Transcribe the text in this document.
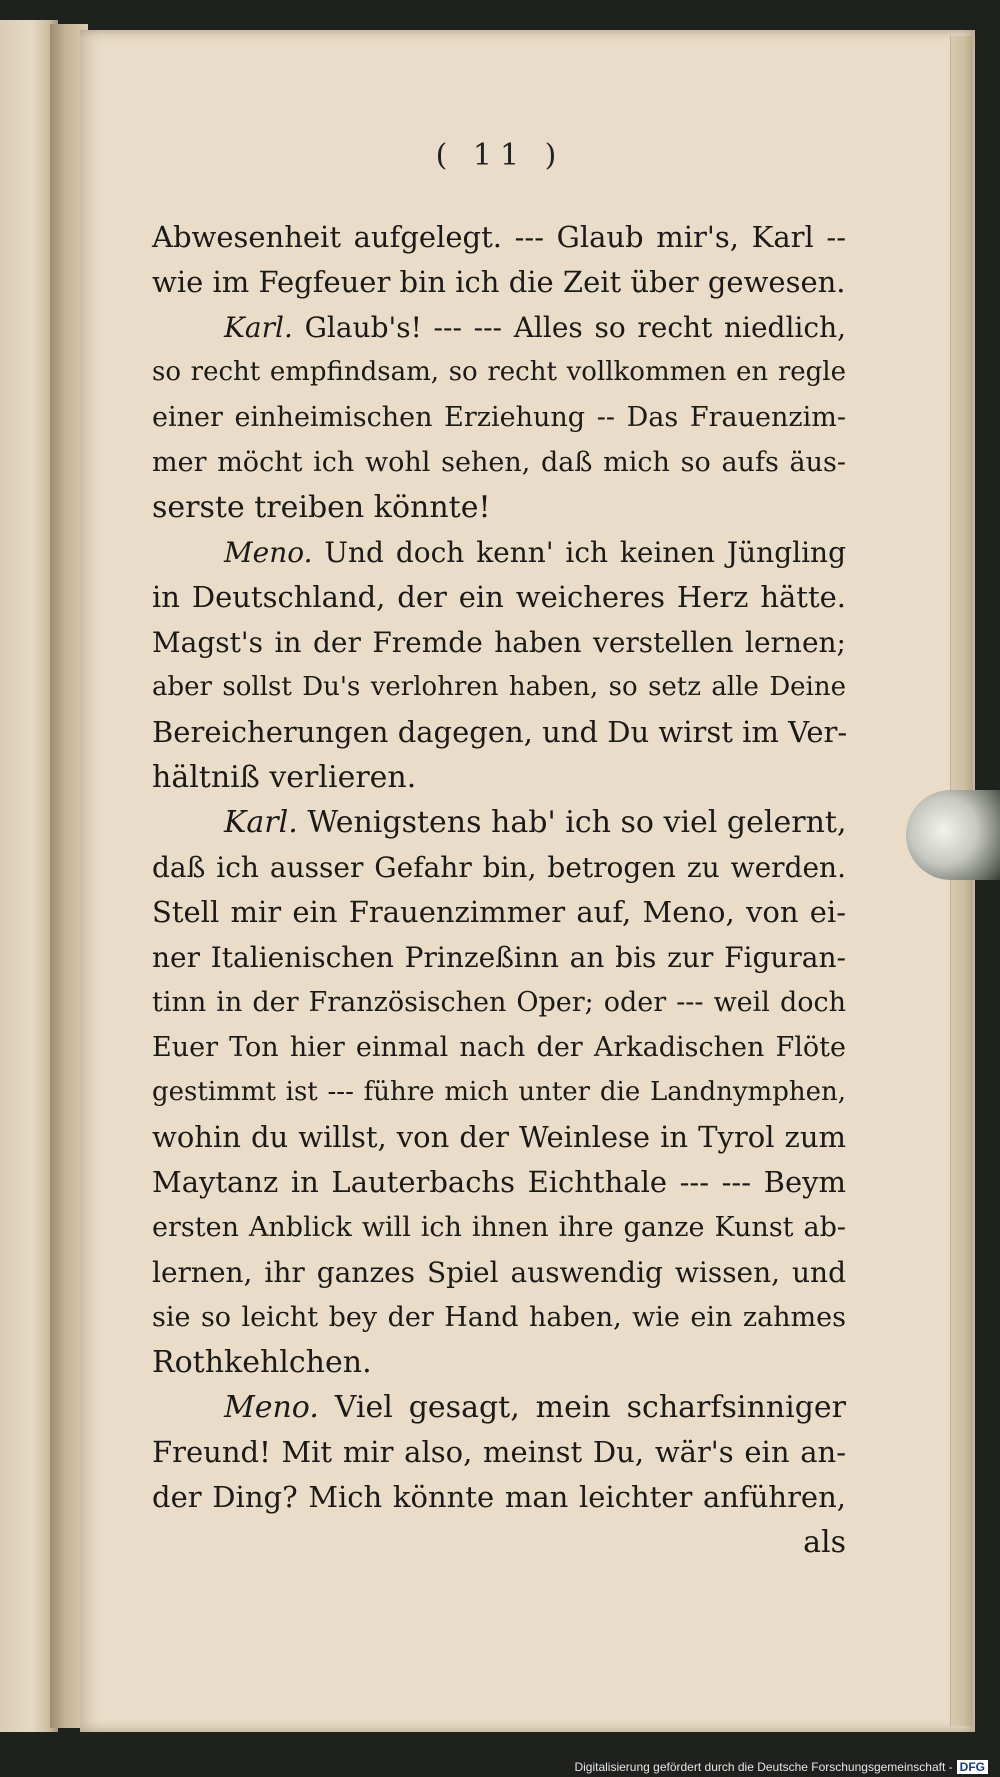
( 11 )
Abwesenheit aufgelegt. --- Glaub mir's, Karl --
wie im Fegfeuer bin ich die Zeit über gewesen.
Karl. Glaub's! --- --- Alles so recht niedlich,
so recht empfindsam, so recht vollkommen en regle
einer einheimischen Erziehung -- Das Frauenzim-
mer möcht ich wohl sehen, daß mich so aufs äus-
serste treiben könnte!
Meno. Und doch kenn' ich keinen Jüngling
in Deutschland, der ein weicheres Herz hätte.
Magst's in der Fremde haben verstellen lernen;
aber sollst Du's verlohren haben, so setz alle Deine
Bereicherungen dagegen, und Du wirst im Ver-
hältniß verlieren.
Karl. Wenigstens hab' ich so viel gelernt,
daß ich ausser Gefahr bin, betrogen zu werden.
Stell mir ein Frauenzimmer auf, Meno, von ei-
ner Italienischen Prinzeßinn an bis zur Figuran-
tinn in der Französischen Oper; oder --- weil doch
Euer Ton hier einmal nach der Arkadischen Flöte
gestimmt ist --- führe mich unter die Landnymphen,
wohin du willst, von der Weinlese in Tyrol zum
Maytanz in Lauterbachs Eichthale --- --- Beym
ersten Anblick will ich ihnen ihre ganze Kunst ab-
lernen, ihr ganzes Spiel auswendig wissen, und
sie so leicht bey der Hand haben, wie ein zahmes
Rothkehlchen.
Meno. Viel gesagt, mein scharfsinniger
Freund! Mit mir also, meinst Du, wär's ein an-
der Ding? Mich könnte man leichter anführen,
als
Digitalisierung gefördert durch die Deutsche Forschungsgemeinschaft - DFG
